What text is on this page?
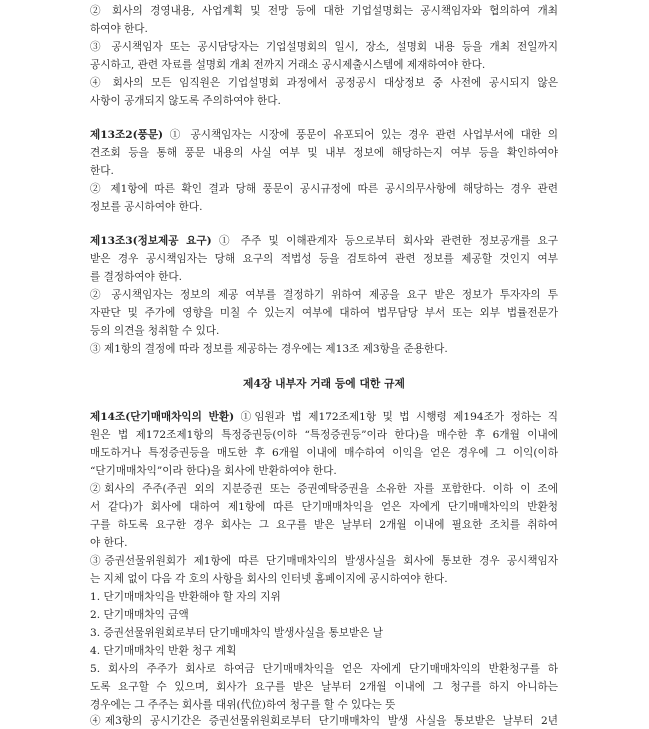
② 회사의 경영내용, 사업계획 및 전망 등에 대한 기업설명회는 공시책임자와 협의하여 개최

하여야 한다.

③ 공시책임자 또는 공시담당자는 기업설명회의 일시, 장소, 설명회 내용 등을 개최 전일까지

공시하고, 관련 자료를 설명회 개최 전까지 거래소 공시제출시스템에 제재하여야 한다.

④ 회사의 모든 임직원은 기업설명회 과정에서 공정공시 대상정보 중 사전에 공시되지 않은

사항이 공개되지 않도록 주의하여야 한다.

제13조2(풍문) ① 공시책임자는 시장에 풍문이 유포되어 있는 경우 관련 사업부서에 대한 의

견조회 등을 통해 풍문 내용의 사실 여부 및 내부 정보에 해당하는지 여부 등을 확인하여야

한다.

② 제1항에 따른 확인 결과 당해 풍문이 공시규정에 따른 공시의무사항에 해당하는 경우 관련

정보를 공시하여야 한다.

제13조3(정보제공 요구) ① 주주 및 이해관계자 등으로부터 회사와 관련한 정보공개를 요구

받은 경우 공시책임자는 당해 요구의 적법성 등을 검토하여 관련 정보를 제공할 것인지 여부

를 결정하여야 한다.

② 공시책임자는 정보의 제공 여부를 결정하기 위하여 제공을 요구 받은 정보가 투자자의 투

자판단 및 주가에 영향을 미칠 수 있는지 여부에 대하여 법무담당 부서 또는 외부 법률전문가

등의 의견을 청취할 수 있다.

③ 제1항의 결정에 따라 정보를 제공하는 경우에는 제13조 제3항을 준용한다.

제4장 내부자 거래 등에 대한 규제

제14조(단기매매차익의 반환) ①임원과 법 제172조제1항 및 법 시행령 제194조가 정하는 직

원은 법 제172조제1항의 특정증권등(이하 “특정증권등”이라 한다)을 매수한 후 6개월 이내에

매도하거나 특정증권등을 매도한 후 6개월 이내에 매수하여 이익을 얻은 경우에 그 이익(이하

“단기매매차익”이라 한다)을 회사에 반환하여야 한다.

②회사의 주주(주권 외의 지분증권 또는 증권예탁증권을 소유한 자를 포함한다. 이하 이 조에

서 같다)가 회사에 대하여 제1항에 따른 단기매매차익을 얻은 자에게 단기매매차익의 반환청

구를 하도록 요구한 경우 회사는 그 요구를 받은 날부터 2개월 이내에 필요한 조치를 취하여

야 한다.

③증권선물위원회가 제1항에 따른 단기매매차익의 발생사실을 회사에 통보한 경우 공시책임자

는 지체 없이 다음 각 호의 사항을 회사의 인터넷 홈페이지에 공시하여야 한다.

1. 단기매매차익을 반환해야 할 자의 지위

2. 단기매매차익 금액

3. 증권선물위원회로부터 단기매매차익 발생사실을 통보받은 날

4. 단기매매차익 반환 청구 계획

5. 회사의 주주가 회사로 하여금 단기매매차익을 얻은 자에게 단기매매차익의 반환청구를 하

도록 요구할 수 있으며, 회사가 요구를 받은 날부터 2개월 이내에 그 청구를 하지 아니하는

경우에는 그 주주는 회사를 대위(代位)하여 청구를 할 수 있다는 뜻

④제3항의 공시기간은 증권선물위원회로부터 단기매매차익 발생 사실을 통보받은 날부터 2년
